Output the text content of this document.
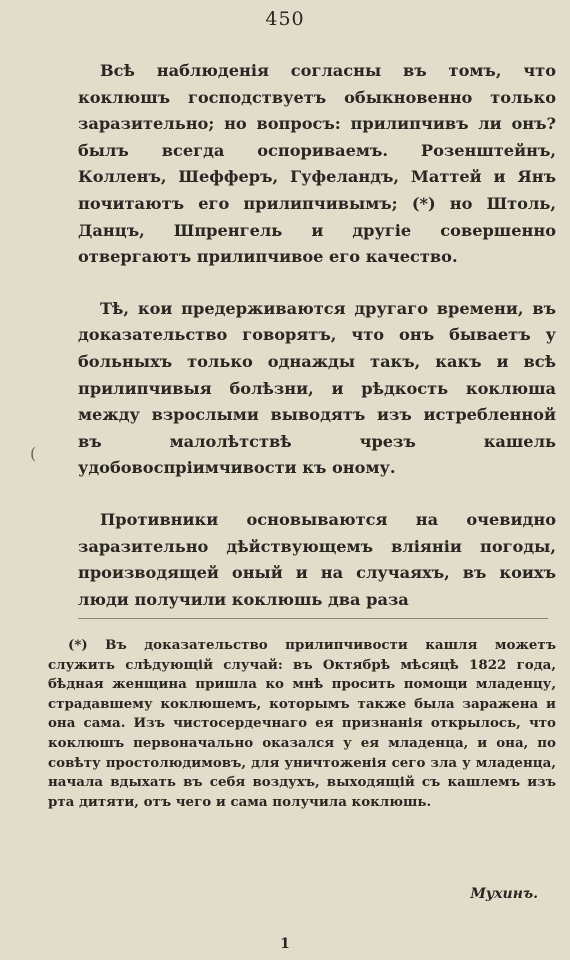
450

Всѣ наблюденія согласны въ томъ, что коклюшъ господствуетъ обыкновенно только заразительно; но вопросъ: прилипчивъ ли онъ? былъ всегда оспориваемъ. Розенштейнъ, Колленъ, Шефферъ, Гуфеландъ, Маттей и Янъ почитаютъ его прилипчивымъ; (*) но Штоль, Данцъ, Шпренгель и другіе совершенно отвергаютъ прилипчивое его качество.

Тѣ, кои предерживаются другаго времени, въ доказательство говорятъ, что онъ бываетъ у больныхъ только однажды такъ, какъ и всѣ прилипчивыя болѣзни, и рѣдкость коклюша между взрослыми выводятъ изъ истребленной въ малолѣтствѣ чрезъ кашель удобовоспріимчивости къ оному.

Противники основываются на очевидно заразительно дѣйствующемъ вліяніи погоды, производящей оный и на случаяхъ, въ коихъ люди получили коклюшь два раза

(

(*) Въ доказательство прилипчивости кашля можетъ служить слѣдующій случай: въ Октябрѣ мѣсяцѣ 1822 года, бѣдная женщина пришла ко мнѣ просить помощи младенцу, страдавшему коклюшемъ, которымъ также была заражена и она сама. Изъ чистосердечнаго ея признанія открылось, что коклюшъ первоначально оказался у ея младенца, и она, по совѣту простолюдимовъ, для уничтоженія сего зла у младенца, начала вдыхать въ себя воздухъ, выходящій съ кашлемъ изъ рта дитяти, отъ чего и сама получила коклюшь.

Мухинъ.
1
